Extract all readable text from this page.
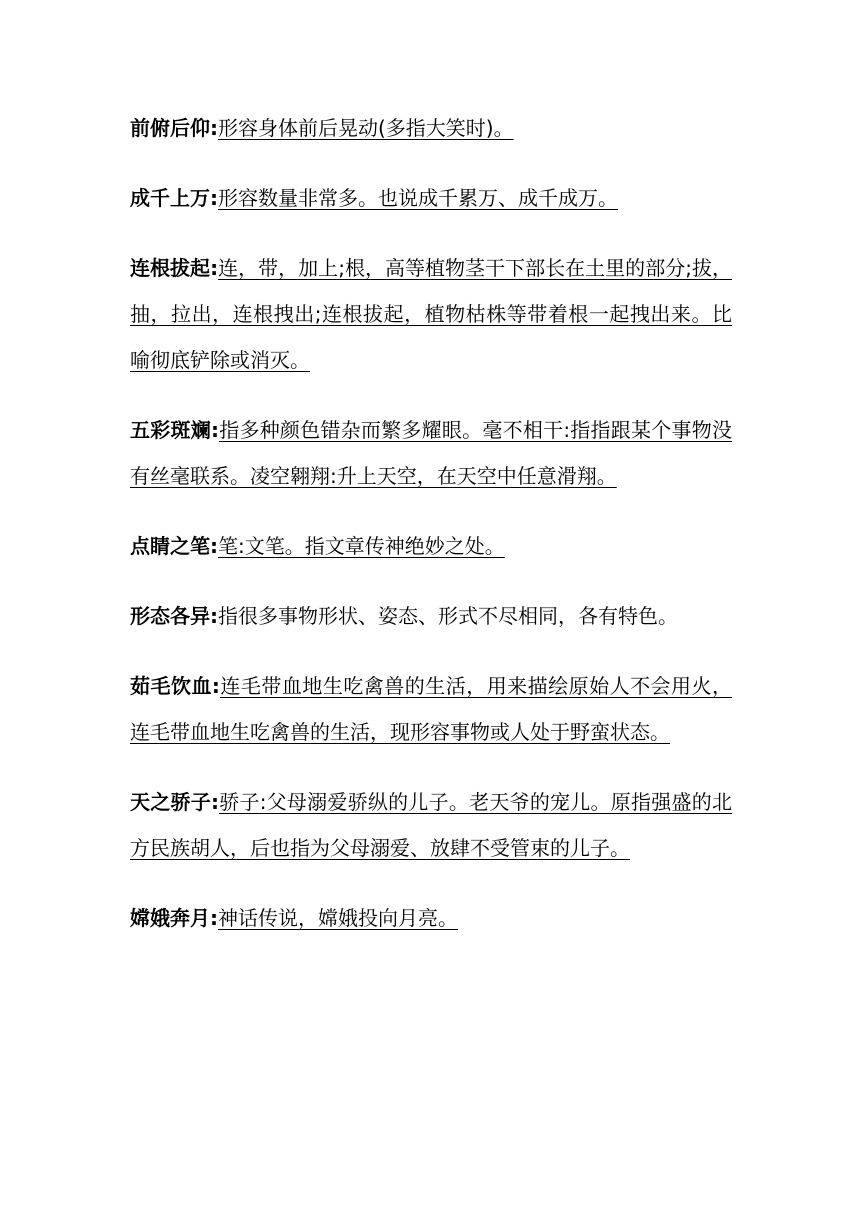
前俯后仰:形容身体前后晃动(多指大笑时)。

成千上万:形容数量非常多。也说成千累万、成千成万。

连根拔起:连，带，加上;根，高等植物茎干下部长在土里的部分;拔，抽，拉出，连根拽出;连根拔起，植物枯株等带着根一起拽出来。比喻彻底铲除或消灭。

五彩斑斓:指多种颜色错杂而繁多耀眼。毫不相干:指指跟某个事物没有丝毫联系。凌空翱翔:升上天空，在天空中任意滑翔。

点睛之笔:笔:文笔。指文章传神绝妙之处。

形态各异:指很多事物形状、姿态、形式不尽相同，各有特色。

茹毛饮血:连毛带血地生吃禽兽的生活，用来描绘原始人不会用火，连毛带血地生吃禽兽的生活，现形容事物或人处于野蛮状态。

天之骄子:骄子:父母溺爱骄纵的儿子。老天爷的宠儿。原指强盛的北方民族胡人，后也指为父母溺爱、放肆不受管束的儿子。

嫦娥奔月:神话传说，嫦娥投向月亮。
